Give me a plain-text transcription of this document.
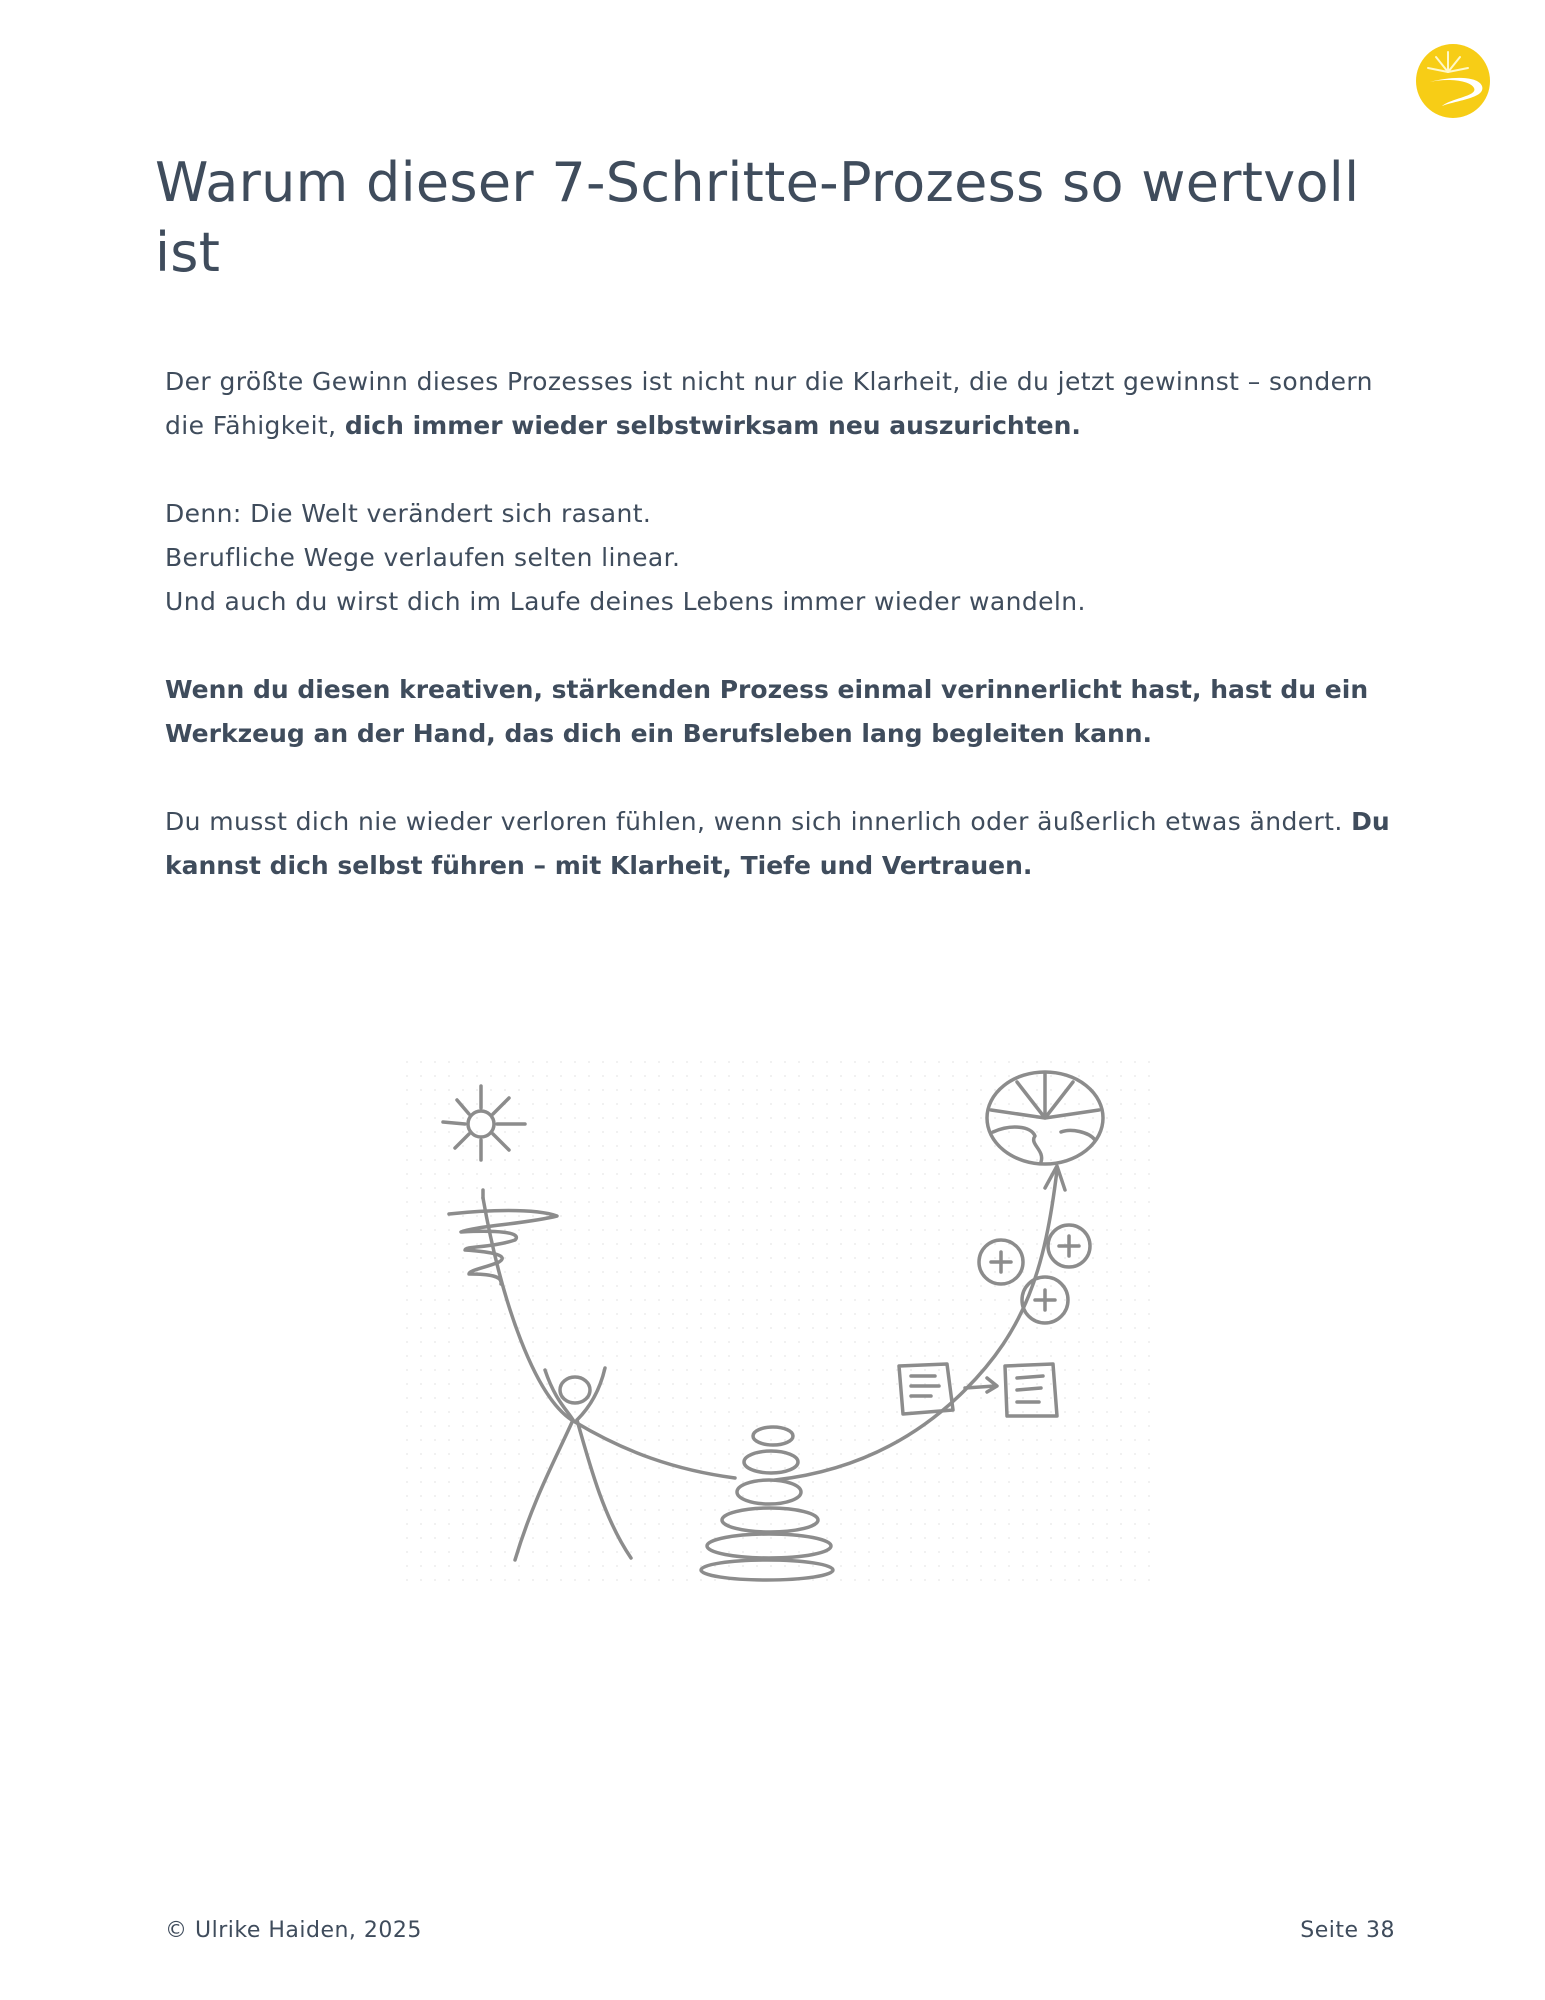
Warum dieser 7-Schritte-Prozess so wertvoll ist

Der größte Gewinn dieses Prozesses ist nicht nur die Klarheit, die du jetzt gewinnst – sondern die Fähigkeit, dich immer wieder selbstwirksam neu auszurichten.

Denn: Die Welt verändert sich rasant.
Berufliche Wege verlaufen selten linear.
Und auch du wirst dich im Laufe deines Lebens immer wieder wandeln.

Wenn du diesen kreativen, stärkenden Prozess einmal verinnerlicht hast, hast du ein Werkzeug an der Hand, das dich ein Berufsleben lang begleiten kann.

Du musst dich nie wieder verloren fühlen, wenn sich innerlich oder äußerlich etwas ändert. Du kannst dich selbst führen – mit Klarheit, Tiefe und Vertrauen.

© Ulrike Haiden, 2025	Seite 38
